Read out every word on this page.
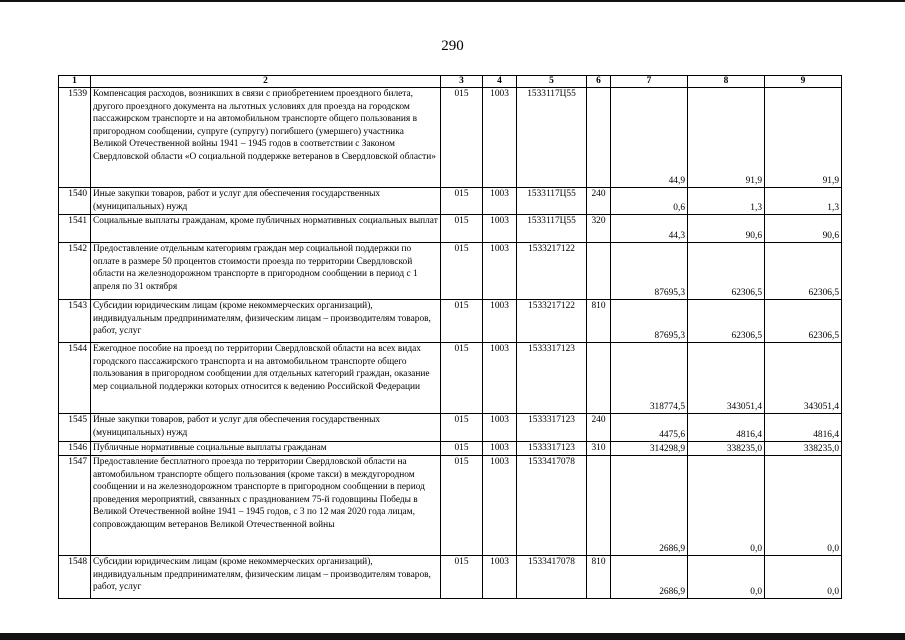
290
1	2	3	4	5	6	7	8	9
1539	Компенсация расходов, возникших в связи с приобретением проездного билета, другого проездного документа на льготных условиях для проезда на городском пассажирском транспорте и на автомобильном транспорте общего пользования в пригородном сообщении, супруге (супругу) погибшего (умершего) участника Великой Отечественной войны 1941 – 1945 годов в соответствии с Законом Свердловской области «О социальной поддержке ветеранов в Свердловской области»	015	1003	1533117Ц55		44,9	91,9	91,9
1540	Иные закупки товаров, работ и услуг для обеспечения государственных (муниципальных) нужд	015	1003	1533117Ц55	240	0,6	1,3	1,3
1541	Социальные выплаты гражданам, кроме публичных нормативных социальных выплат	015	1003	1533117Ц55	320	44,3	90,6	90,6
1542	Предоставление отдельным категориям граждан мер социальной поддержки по оплате в размере 50 процентов стоимости проезда по территории Свердловской области на железнодорожном транспорте в пригородном сообщении в период с 1 апреля по 31 октября	015	1003	1533217122		87695,3	62306,5	62306,5
1543	Субсидии юридическим лицам (кроме некоммерческих организаций), индивидуальным предпринимателям, физическим лицам – производителям товаров, работ, услуг	015	1003	1533217122	810	87695,3	62306,5	62306,5
1544	Ежегодное пособие на проезд по территории Свердловской области на всех видах городского пассажирского транспорта и на автомобильном транспорте общего пользования в пригородном сообщении для отдельных категорий граждан, оказание мер социальной поддержки которых относится к ведению Российской Федерации	015	1003	1533317123		318774,5	343051,4	343051,4
1545	Иные закупки товаров, работ и услуг для обеспечения государственных (муниципальных) нужд	015	1003	1533317123	240	4475,6	4816,4	4816,4
1546	Публичные нормативные социальные выплаты гражданам	015	1003	1533317123	310	314298,9	338235,0	338235,0
1547	Предоставление бесплатного проезда по территории Свердловской области на автомобильном транспорте общего пользования (кроме такси) в междугородном сообщении и на железнодорожном транспорте в пригородном сообщении в период проведения мероприятий, связанных с празднованием 75-й годовщины Победы в Великой Отечественной войне 1941 – 1945 годов, с 3 по 12 мая 2020 года лицам, сопровождающим ветеранов Великой Отечественной войны	015	1003	1533417078		2686,9	0,0	0,0
1548	Субсидии юридическим лицам (кроме некоммерческих организаций), индивидуальным предпринимателям, физическим лицам – производителям товаров, работ, услуг	015	1003	1533417078	810	2686,9	0,0	0,0
